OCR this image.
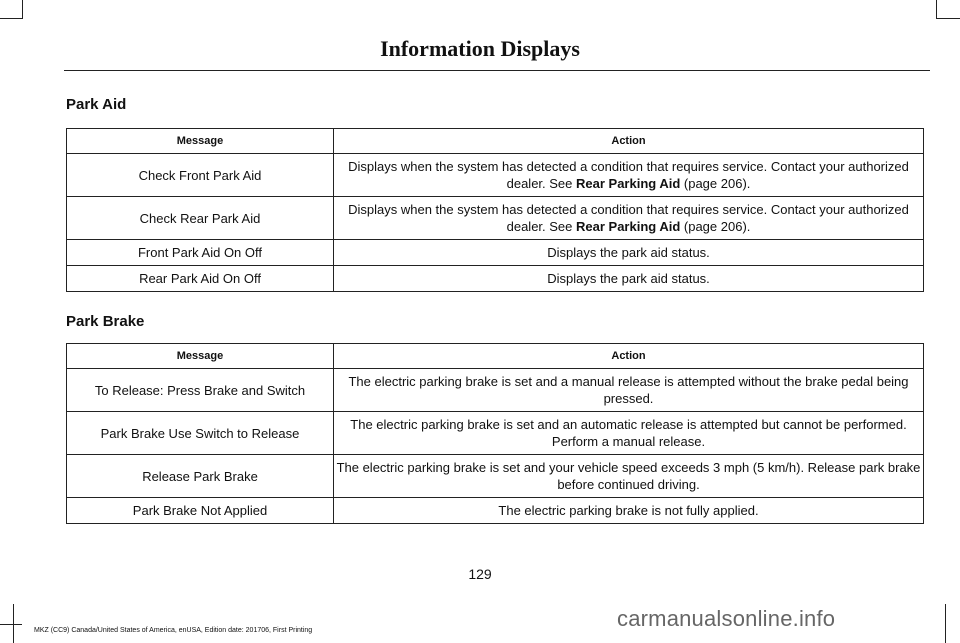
Information Displays
Park Aid
Message	Action
Check Front Park Aid	Displays when the system has detected a condition that requires service. Contact your authorized dealer. See Rear Parking Aid (page 206).
Check Rear Park Aid	Displays when the system has detected a condition that requires service. Contact your authorized dealer. See Rear Parking Aid (page 206).
Front Park Aid On Off	Displays the park aid status.
Rear Park Aid On Off	Displays the park aid status.
Park Brake
Message	Action
To Release: Press Brake and Switch	The electric parking brake is set and a manual release is attempted without the brake pedal being pressed.
Park Brake Use Switch to Release	The electric parking brake is set and an automatic release is attempted but cannot be performed. Perform a manual release.
Release Park Brake	The electric parking brake is set and your vehicle speed exceeds 3 mph (5 km/h). Release park brake before continued driving.
Park Brake Not Applied	The electric parking brake is not fully applied.
129
MKZ (CC9) Canada/United States of America, enUSA, Edition date: 201706, First Printing	carmanualsonline.info
